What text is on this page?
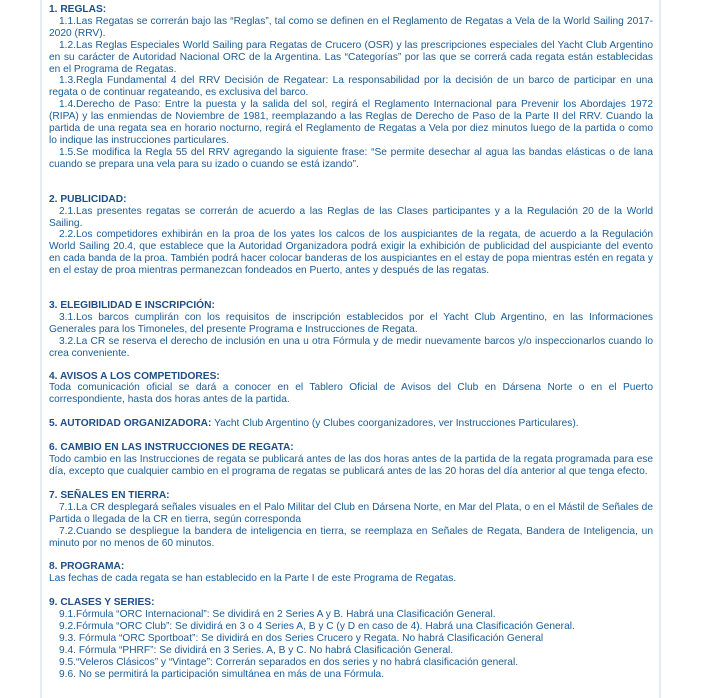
1. REGLAS:

1.1.Las Regatas se correrán bajo las “Reglas”, tal como se definen en el Reglamento de Regatas a Vela de la World Sailing 2017-2020 (RRV).

1.2.Las Reglas Especiales World Sailing para Regatas de Crucero (OSR) y las prescripciones especiales del Yacht Club Argentino en su carácter de Autoridad Nacional ORC de la Argentina. Las “Categorías” por las que se correrá cada regata están establecidas en el Programa de Regatas.

1.3.Regla Fundamental 4 del RRV Decisión de Regatear: La responsabilidad por la decisión de un barco de participar en una regata o de continuar regateando, es exclusiva del barco.

1.4.Derecho de Paso: Entre la puesta y la salida del sol, regirá el Reglamento Internacional para Prevenir los Abordajes 1972 (RIPA) y las enmiendas de Noviembre de 1981, reemplazando a las Reglas de Derecho de Paso de la Parte II del RRV. Cuando la partida de una regata sea en horario nocturno, regirá el Reglamento de Regatas a Vela por diez minutos luego de la partida o como lo indique las instrucciones particulares.

1.5.Se modifica la Regla 55 del RRV agregando la siguiente frase: “Se permite desechar al agua las bandas elásticas o de lana cuando se prepara una vela para su izado o cuando se está izando”.

2. PUBLICIDAD:

2.1.Las presentes regatas se correrán de acuerdo a las Reglas de las Clases participantes y a la Regulación 20 de la World Sailing.

2.2.Los competidores exhibirán en la proa de los yates los calcos de los auspiciantes de la regata, de acuerdo a la Regulación World Sailing 20.4, que establece que la Autoridad Organizadora podrá exigir la exhibición de publicidad del auspiciante del evento en cada banda de la proa. También podrá hacer colocar banderas de los auspiciantes en el estay de popa mientras estén en regata y en el estay de proa mientras permanezcan fondeados en Puerto, antes y después de las regatas.

3. ELEGIBILIDAD E INSCRIPCIÓN:

3.1.Los barcos cumplirán con los requisitos de inscripción establecidos por el Yacht Club Argentino, en las Informaciones Generales para los Timoneles, del presente Programa e Instrucciones de Regata.

3.2.La CR se reserva el derecho de inclusión en una u otra Fórmula y de medir nuevamente barcos y/o inspeccionarlos cuando lo crea conveniente.

4. AVISOS A LOS COMPETIDORES:

Toda comunicación oficial se dará a conocer en el Tablero Oficial de Avisos del Club en Dársena Norte o en el Puerto correspondiente, hasta dos horas antes de la partida.

5. AUTORIDAD ORGANIZADORA: Yacht Club Argentino (y Clubes coorganizadores, ver Instrucciones Particulares).

6. CAMBIO EN LAS INSTRUCCIONES DE REGATA:

Todo cambio en las Instrucciones de regata se publicará antes de las dos horas antes de la partida de la regata programada para ese día, excepto que cualquier cambio en el programa de regatas se publicará antes de las 20 horas del día anterior al que tenga efecto.

7. SEÑALES EN TIERRA:

7.1.La CR desplegará señales visuales en el Palo Militar del Club en Dársena Norte, en Mar del Plata, o en el Mástil de Señales de Partida o llegada de la CR en tierra, según corresponda

7.2.Cuando se despliegue la bandera de inteligencia en tierra, se reemplaza en Señales de Regata, Bandera de Inteligencia, un minuto por no menos de 60 minutos.

8. PROGRAMA:

Las fechas de cada regata se han establecido en la Parte I de este Programa de Regatas.

9. CLASES Y SERIES:

9.1.Fórmula “ORC Internacional”: Se dividirá en 2 Series A y B. Habrá una Clasificación General.

9.2.Fórmula “ORC Club”: Se dividirá en 3 o 4 Series A, B y C (y D en caso de 4). Habrá una Clasificación General.

9.3. Fórmula “ORC Sportboat”: Se dividirá en dos Series Crucero y Regata. No habrá Clasificación General

9.4. Fórmula “PHRF”: Se dividirá en 3 Series. A, B y C. No habrá Clasificación General.

9.5.“Veleros Clásicos” y “Vintage”: Correrán separados en dos series y no habrá clasificación general.

9.6. No se permitirá la participación simultánea en más de una Fórmula.
